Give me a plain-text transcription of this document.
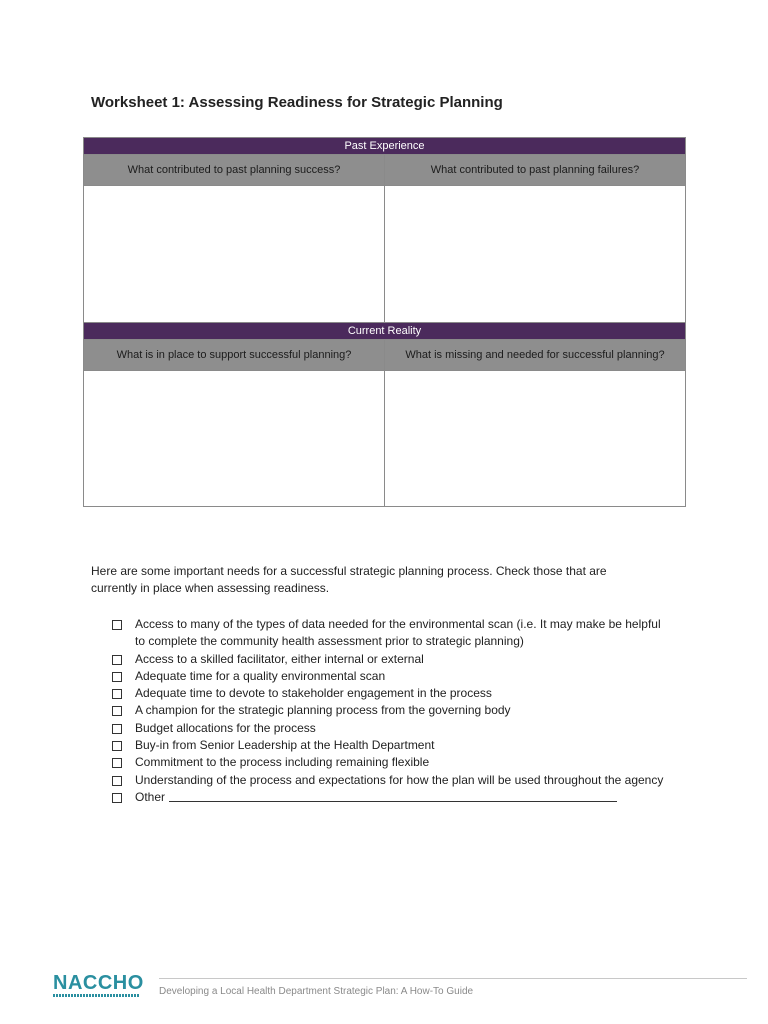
Worksheet 1: Assessing Readiness for Strategic Planning
Past Experience	
What contributed to past planning success?	What contributed to past planning failures?

Current Reality	
What is in place to support successful planning?	What is missing and needed for successful planning?

Here are some important needs for a successful strategic planning process. Check those that are currently in place when assessing readiness.
Access to many of the types of data needed for the environmental scan (i.e. It may make be helpful to complete the community health assessment prior to strategic planning)
Access to a skilled facilitator, either internal or external
Adequate time for a quality environmental scan
Adequate time to devote to stakeholder engagement in the process
A champion for the strategic planning process from the governing body
Budget allocations for the process
Buy-in from Senior Leadership at the Health Department
Commitment to the process including remaining flexible
Understanding of the process and expectations for how the plan will be used throughout the agency
Other
NACCHO Developing a Local Health Department Strategic Plan: A How-To Guide
